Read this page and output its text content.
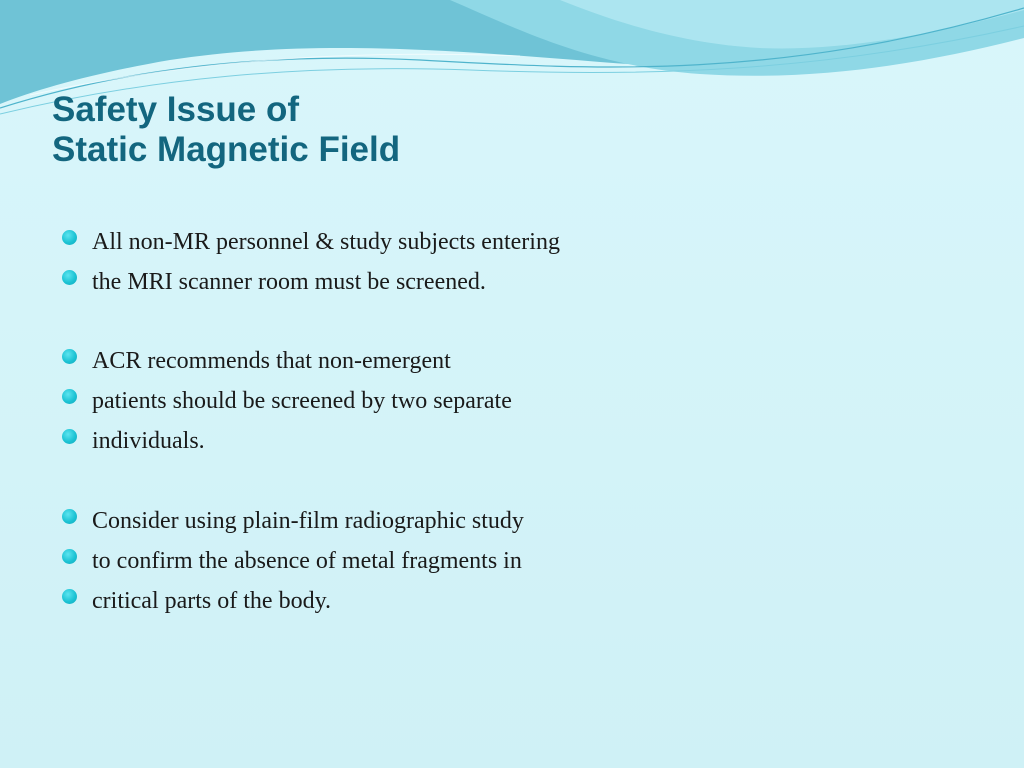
Safety Issue of
Static Magnetic Field
All non-MR personnel & study subjects entering
the MRI scanner room must be screened.
ACR recommends that non-emergent
patients should be screened by two separate
individuals.
Consider using plain-film radiographic study
to confirm the absence of metal fragments in
critical parts of the body.
